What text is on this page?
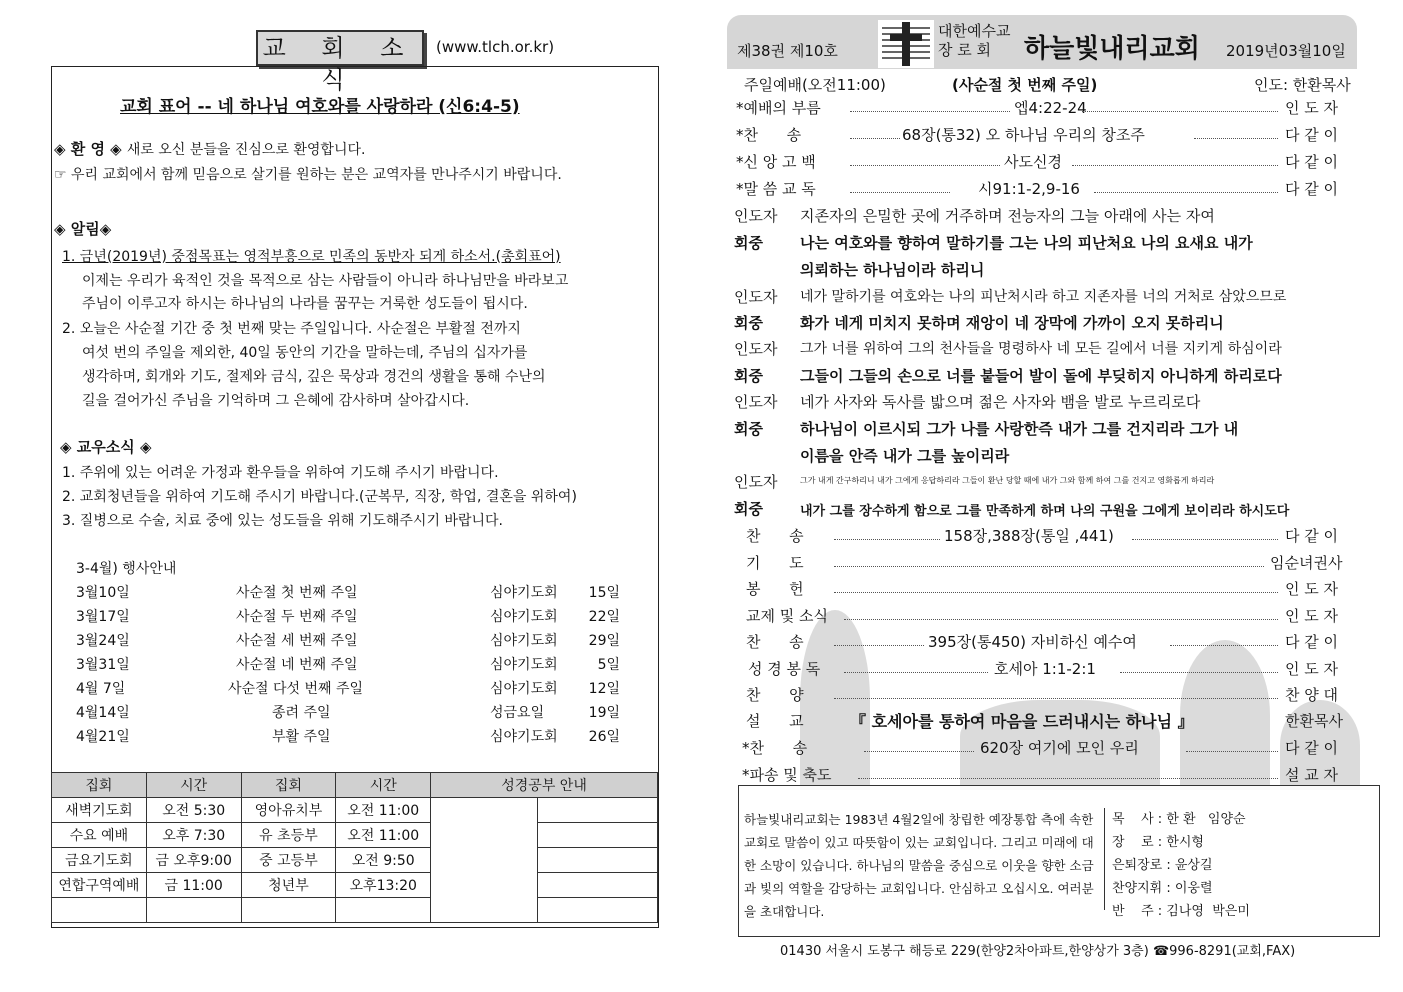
교 회 소 식
(www.tlch.or.kr)
교회 표어 -- 네 하나님 여호와를 사랑하라 (신6:4-5)
◈ 환 영 ◈ 새로 오신 분들을 진심으로 환영합니다.
☞ 우리 교회에서 함께 믿음으로 살기를 원하는 분은 교역자를 만나주시기 바랍니다.
◈ 알림◈
1. 금년(2019년) 중점목표는 영적부흥으로 민족의 동반자 되게 하소서.(총회표어)
이제는 우리가 육적인 것을 목적으로 삼는 사람들이 아니라 하나님만을 바라보고
주님이 이루고자 하시는 하나님의 나라를 꿈꾸는 거룩한 성도들이 됩시다.
2. 오늘은 사순절 기간 중 첫 번째 맞는 주일입니다. 사순절은 부활절 전까지
여섯 번의 주일을 제외한, 40일 동안의 기간을 말하는데, 주님의 십자가를
생각하며, 회개와 기도, 절제와 금식, 깊은 묵상과 경건의 생활을 통해 수난의
길을 걸어가신 주님을 기억하며 그 은혜에 감사하며 살아갑시다.
◈ 교우소식 ◈
1. 주위에 있는 어려운 가정과 환우들을 위하여 기도해 주시기 바랍니다.
2. 교회청년들을 위하여 기도해 주시기 바랍니다.(군복무, 직장, 학업, 결혼을 위하여)
3. 질병으로 수술, 치료 중에 있는 성도들을 위해 기도해주시기 바랍니다.
3-4월) 행사안내
3월10일	사순절 첫 번째 주일	심야기도회	15일
3월17일	사순절 두 번째 주일	심야기도회	22일
3월24일	사순절 세 번째 주일	심야기도회	29일
3월31일	사순절 네 번째 주일	심야기도회	5일
4월 7일	사순절 다섯 번째 주일	심야기도회	12일
4월14일	종려 주일	성금요일	19일
4월21일	부활 주일	심야기도회	26일
집회	시간	집회	시간	성경공부 안내	
새벽기도회	오전 5:30	영아유치부	오전 11:00		
수요 예배	오후 7:30	유 초등부	오전 11:00		
금요기도회	금 오후9:00	중 고등부	오전 9:50		
연합구역예배	금 11:00	청년부	오후13:20		

제38권 제10호
대한예수교
장 로 회	하늘빛내리교회 2019년03월10일
주일예배(오전11:00)	(사순절 첫 번째 주일)	인도: 한환목사
*예배의 부름	엡4:22-24	인 도 자
*찬      송	68장(통32) 오 하나님 우리의 창조주	다 같 이
*신 앙 고 백	사도신경	다 같 이
*말 씀 교 독	시91:1-2,9-16	다 같 이
인도자 지존자의 은밀한 곳에 거주하며 전능자의 그늘 아래에 사는 자여
회중 나는 여호와를 향하여 말하기를 그는 나의 피난처요 나의 요새요 내가
의뢰하는 하나님이라 하리니
인도자 네가 말하기를 여호와는 나의 피난처시라 하고 지존자를 너의 거처로 삼았으므로
회중 화가 네게 미치지 못하며 재앙이 네 장막에 가까이 오지 못하리니
인도자 그가 너를 위하여 그의 천사들을 명령하사 네 모든 길에서 너를 지키게 하심이라
회중 그들이 그들의 손으로 너를 붙들어 발이 돌에 부딪히지 아니하게 하리로다
인도자 네가 사자와 독사를 밟으며 젊은 사자와 뱀을 발로 누르리로다
회중 하나님이 이르시되 그가 나를 사랑한즉 내가 그를 건지리라 그가 내
이름을 안즉 내가 그를 높이리라
인도자	그가 내게 간구하리니 내가 그에게 응답하리라 그들이 환난 당할 때에 내가 그와 함께 하여 그를 건지고 영화롭게 하리라
회중	내가 그를 장수하게 함으로 그를 만족하게 하며 나의 구원을 그에게 보이리라 하시도다
찬      송	158장,388장(통일 ,441)	다 같 이
기      도	임순녀권사
봉      헌	인 도 자
교제 및 소식	인 도 자
찬      송	395장(통450) 자비하신 예수여	다 같 이
성 경 봉 독	호세아 1:1-2:1	인 도 자
찬      양	찬 양 대
설      교	『 호세아를 통하여 마음을 드러내시는 하나님 』	한환목사
*찬      송	620장 여기에 모인 우리	다 같 이
*파송 및 축도	설 교 자
하늘빛내리교회는 1983년 4월2일에 창립한 예장통합 측에 속한 교회로 말씀이 있고 따뜻함이 있는 교회입니다. 그리고 미래에 대한 소망이 있습니다. 하나님의 말씀을 중심으로 이웃을 향한 소금과 빛의 역할을 감당하는 교회입니다. 안심하고 오십시오. 여러분을 초대합니다.
목    사 : 한 환   임양순
장    로 : 한시형
은퇴장로 : 윤상길
찬양지휘 : 이웅렬
반    주 : 김나영  박은미
01430 서울시 도봉구 해등로 229(한양2차아파트,한양상가 3층) ☎996-8291(교회,FAX)
